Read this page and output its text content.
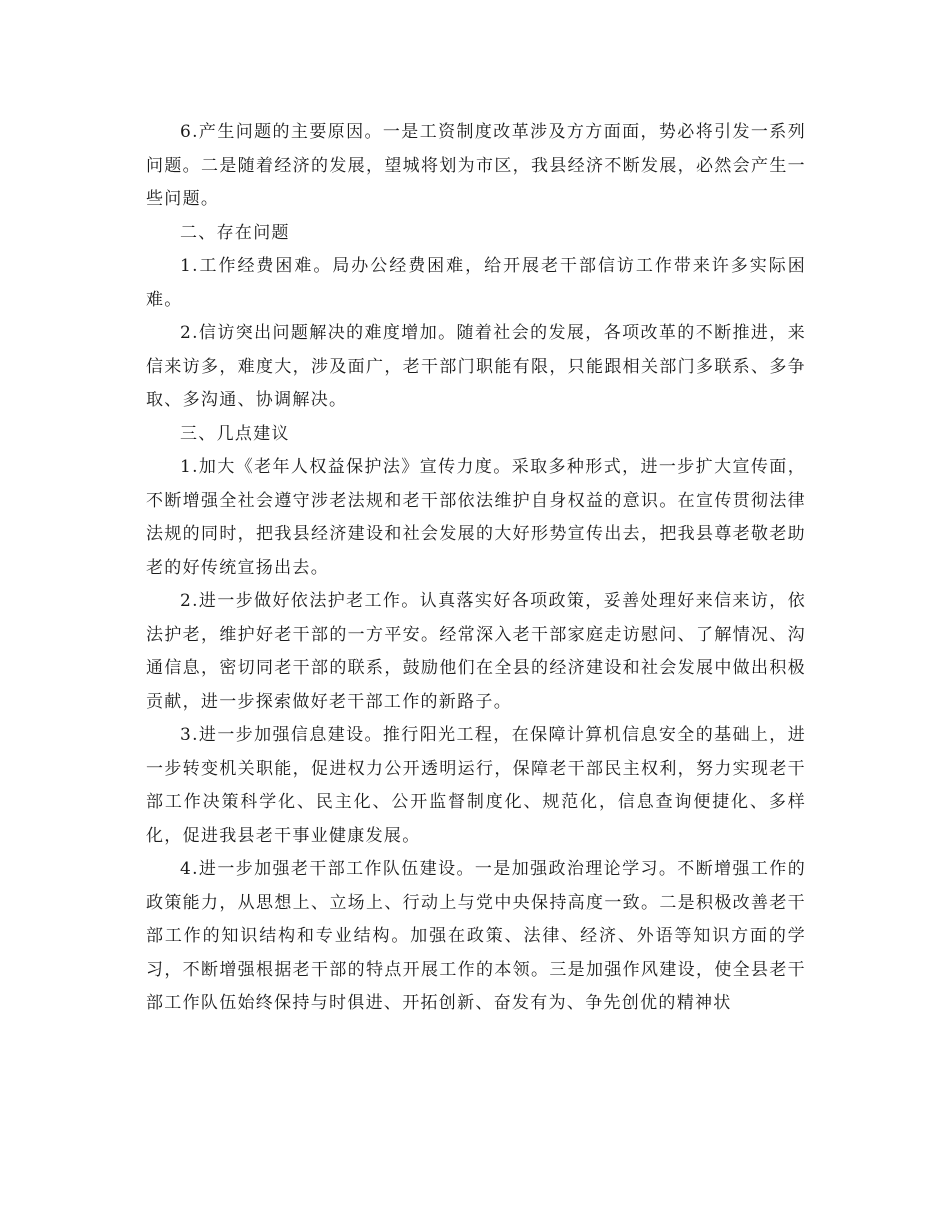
6.产生问题的主要原因。一是工资制度改革涉及方方面面，势必将引发一系列问题。二是随着经济的发展，望城将划为市区，我县经济不断发展，必然会产生一些问题。

二、存在问题

1.工作经费困难。局办公经费困难，给开展老干部信访工作带来许多实际困难。

2.信访突出问题解决的难度增加。随着社会的发展，各项改革的不断推进，来信来访多，难度大，涉及面广，老干部门职能有限，只能跟相关部门多联系、多争取、多沟通、协调解决。

三、几点建议

1.加大《老年人权益保护法》宣传力度。采取多种形式，进一步扩大宣传面，不断增强全社会遵守涉老法规和老干部依法维护自身权益的意识。在宣传贯彻法律法规的同时，把我县经济建设和社会发展的大好形势宣传出去，把我县尊老敬老助老的好传统宣扬出去。

2.进一步做好依法护老工作。认真落实好各项政策，妥善处理好来信来访，依法护老，维护好老干部的一方平安。经常深入老干部家庭走访慰问、了解情况、沟通信息，密切同老干部的联系，鼓励他们在全县的经济建设和社会发展中做出积极贡献，进一步探索做好老干部工作的新路子。

3.进一步加强信息建设。推行阳光工程，在保障计算机信息安全的基础上，进一步转变机关职能，促进权力公开透明运行，保障老干部民主权利，努力实现老干部工作决策科学化、民主化、公开监督制度化、规范化，信息查询便捷化、多样化，促进我县老干事业健康发展。

4.进一步加强老干部工作队伍建设。一是加强政治理论学习。不断增强工作的政策能力，从思想上、立场上、行动上与党中央保持高度一致。二是积极改善老干部工作的知识结构和专业结构。加强在政策、法律、经济、外语等知识方面的学习，不断增强根据老干部的特点开展工作的本领。三是加强作风建设，使全县老干部工作队伍始终保持与时俱进、开拓创新、奋发有为、争先创优的精神状
